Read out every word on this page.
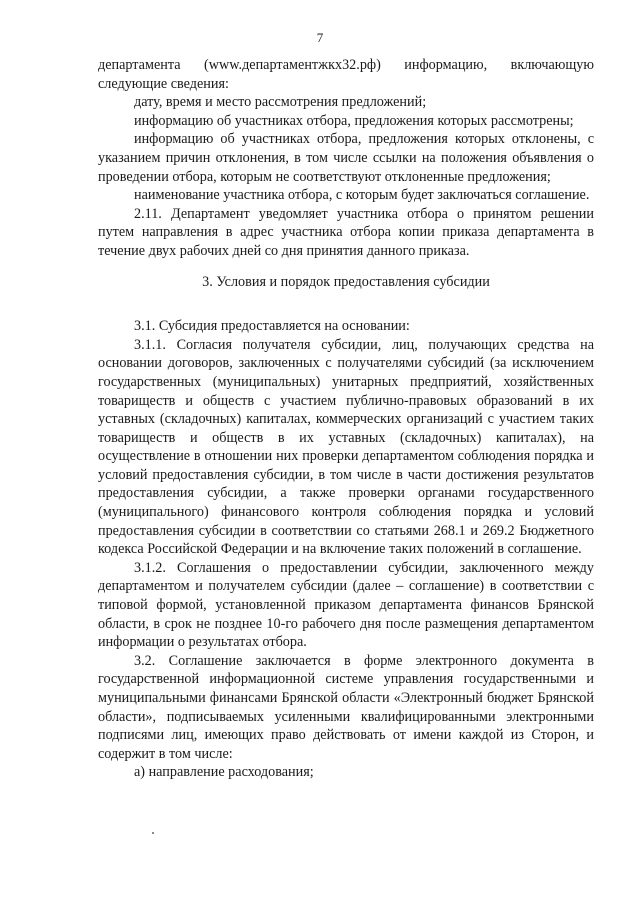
7

департамента (www.департаментжкх32.рф) информацию, включающую следующие сведения:

дату, время и место рассмотрения предложений;

информацию об участниках отбора, предложения которых рассмотрены;

информацию об участниках отбора, предложения которых отклонены, с указанием причин отклонения, в том числе ссылки на положения объявления о проведении отбора, которым не соответствуют отклоненные предложения;

наименование участника отбора, с которым будет заключаться соглашение.

2.11. Департамент уведомляет участника отбора о принятом решении путем направления в адрес участника отбора копии приказа департамента в течение двух рабочих дней со дня принятия данного приказа.

3. Условия и порядок предоставления субсидии

3.1. Субсидия предоставляется на основании:

3.1.1. Согласия получателя субсидии, лиц, получающих средства на основании договоров, заключенных с получателями субсидий (за исключением государственных (муниципальных) унитарных предприятий, хозяйственных товариществ и обществ с участием публично-правовых образований в их уставных (складочных) капиталах, коммерческих организаций с участием таких товариществ и обществ в их уставных (складочных) капиталах), на осуществление в отношении них проверки департаментом соблюдения порядка и условий предоставления субсидии, в том числе в части достижения результатов предоставления субсидии, а также проверки органами государственного (муниципального) финансового контроля соблюдения порядка и условий предоставления субсидии в соответствии со статьями 268.1 и 269.2 Бюджетного кодекса Российской Федерации и на включение таких положений в соглашение.

3.1.2. Соглашения о предоставлении субсидии, заключенного между департаментом и получателем субсидии (далее – соглашение) в соответствии с типовой формой, установленной приказом департамента финансов Брянской области, в срок не позднее 10-го рабочего дня после размещения департаментом информации о результатах отбора.

3.2. Соглашение заключается в форме электронного документа в государственной информационной системе управления государственными и муниципальными финансами Брянской области «Электронный бюджет Брянской области», подписываемых усиленными квалифицированными электронными подписями лиц, имеющих право действовать от имени каждой из Сторон, и содержит в том числе:

а) направление расходования;
